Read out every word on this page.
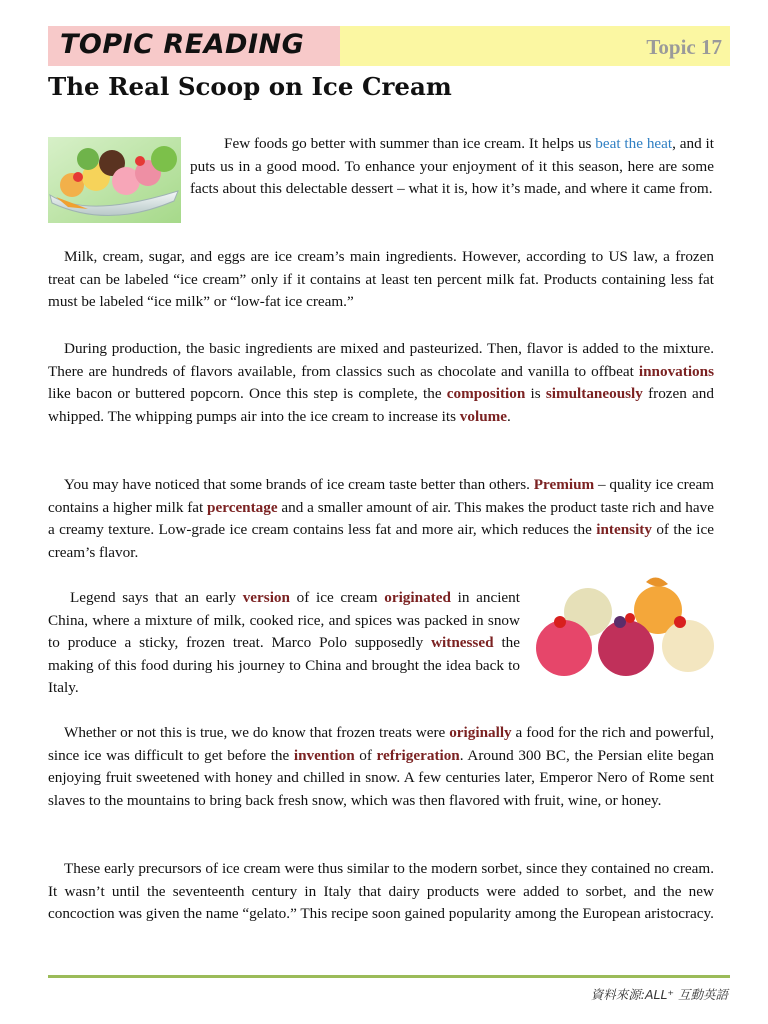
TOPIC READING	Topic 17
The Real Scoop on Ice Cream

Few foods go better with summer than ice cream. It helps us beat the heat, and it puts us in a good mood. To enhance your enjoyment of it this season, here are some facts about this delectable dessert – what it is, how it’s made, and where it came from.

Milk, cream, sugar, and eggs are ice cream’s main ingredients. However, according to US law, a frozen treat can be labeled “ice cream” only if it contains at least ten percent milk fat. Products containing less fat must be labeled “ice milk” or “low-fat ice cream.”

During production, the basic ingredients are mixed and pasteurized. Then, flavor is added to the mixture. There are hundreds of flavors available, from classics such as chocolate and vanilla to offbeat innovations like bacon or buttered popcorn. Once this step is complete, the composition is simultaneously frozen and whipped. The whipping pumps air into the ice cream to increase its volume.

You may have noticed that some brands of ice cream taste better than others. Premium – quality ice cream contains a higher milk fat percentage and a smaller amount of air. This makes the product taste rich and have a creamy texture. Low-grade ice cream contains less fat and more air, which reduces the intensity of the ice cream’s flavor.

Legend says that an early version of ice cream originated in ancient China, where a mixture of milk, cooked rice, and spices was packed in snow to produce a sticky, frozen treat. Marco Polo supposedly witnessed the making of this food during his journey to China and brought the idea back to Italy.

Whether or not this is true, we do know that frozen treats were originally a food for the rich and powerful, since ice was difficult to get before the invention of refrigeration. Around 300 BC, the Persian elite began enjoying fruit sweetened with honey and chilled in snow. A few centuries later, Emperor Nero of Rome sent slaves to the mountains to bring back fresh snow, which was then flavored with fruit, wine, or honey.

These early precursors of ice cream were thus similar to the modern sorbet, since they contained no cream. It wasn’t until the seventeenth century in Italy that dairy products were added to sorbet, and the new concoction was given the name “gelato.” This recipe soon gained popularity among the European aristocracy.

資料來源:ALL⁺ 互動英語
